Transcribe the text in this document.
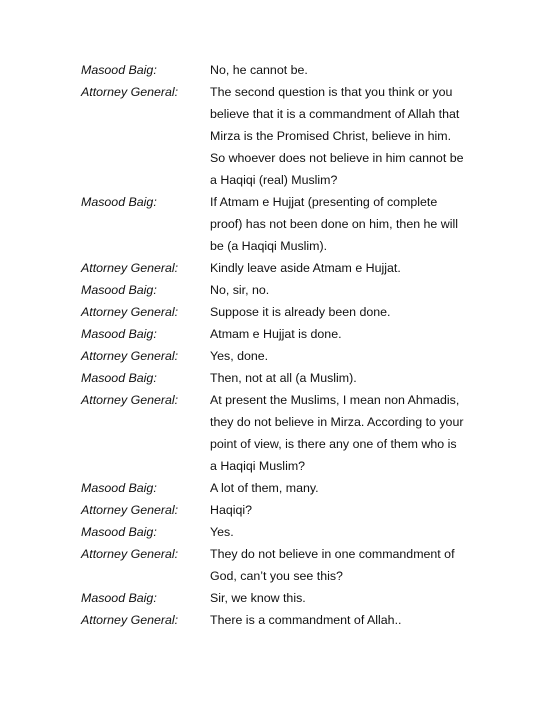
Masood Baig:	No, he cannot be.
Attorney General:	The second question is that you think or you
believe that it is a commandment of Allah that
Mirza is the Promised Christ, believe in him.
So whoever does not believe in him cannot be
a Haqiqi (real) Muslim?
Masood Baig:	If Atmam e Hujjat (presenting of complete
proof) has not been done on him, then he will
be (a Haqiqi Muslim).
Attorney General:	Kindly leave aside Atmam e Hujjat.
Masood Baig:	No, sir, no.
Attorney General:	Suppose it is already been done.
Masood Baig:	Atmam e Hujjat is done.
Attorney General:	Yes, done.
Masood Baig:	Then, not at all (a Muslim).
Attorney General:	At present the Muslims, I mean non Ahmadis,
they do not believe in Mirza. According to your
point of view, is there any one of them who is
a Haqiqi Muslim?
Masood Baig:	A lot of them, many.
Attorney General:	Haqiqi?
Masood Baig:	Yes.
Attorney General:	They do not believe in one commandment of
God, can’t you see this?
Masood Baig:	Sir, we know this.
Attorney General:	There is a commandment of Allah..
